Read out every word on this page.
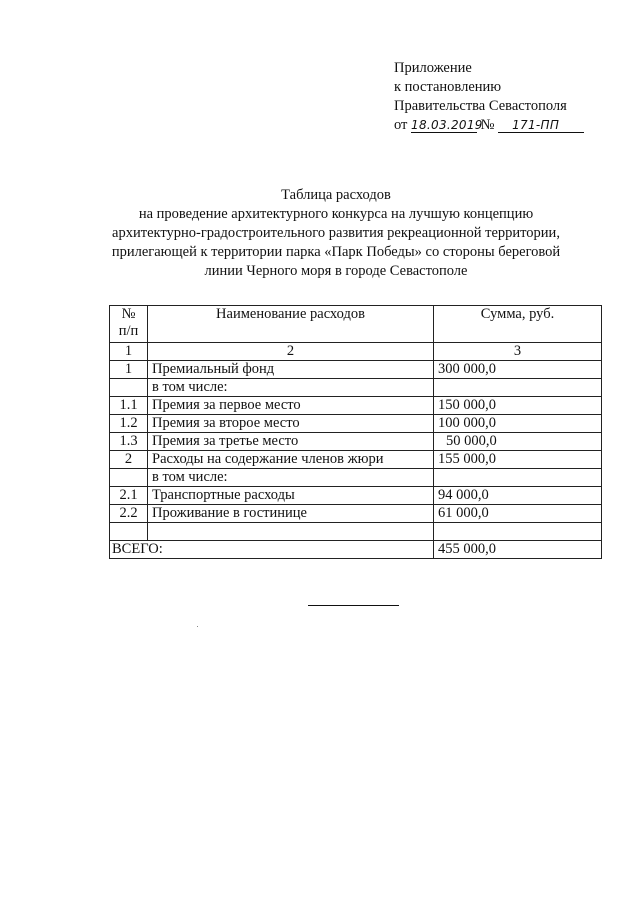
Приложение
к постановлению
Правительства Севастополя
от 18.03.2019 № 171-ПП
Таблица расходов
на проведение архитектурного конкурса на лучшую концепцию
архитектурно-градостроительного развития рекреационной территории,
прилегающей к территории парка «Парк Победы» со стороны береговой
линии Черного моря в городе Севастополе
№
п/п	Наименование расходов	Сумма, руб.
1	2	3
1	Премиальный фонд	300 000,0
	в том числе:	
1.1	Премия за первое место	150 000,0
1.2	Премия за второе место	100 000,0
1.3	Премия за третье место	50 000,0
2	Расходы на содержание членов жюри	155 000,0
	в том числе:	
2.1	Транспортные расходы	94 000,0
2.2	Проживание в гостинице	61 000,0

ВСЕГО:		455 000,0
